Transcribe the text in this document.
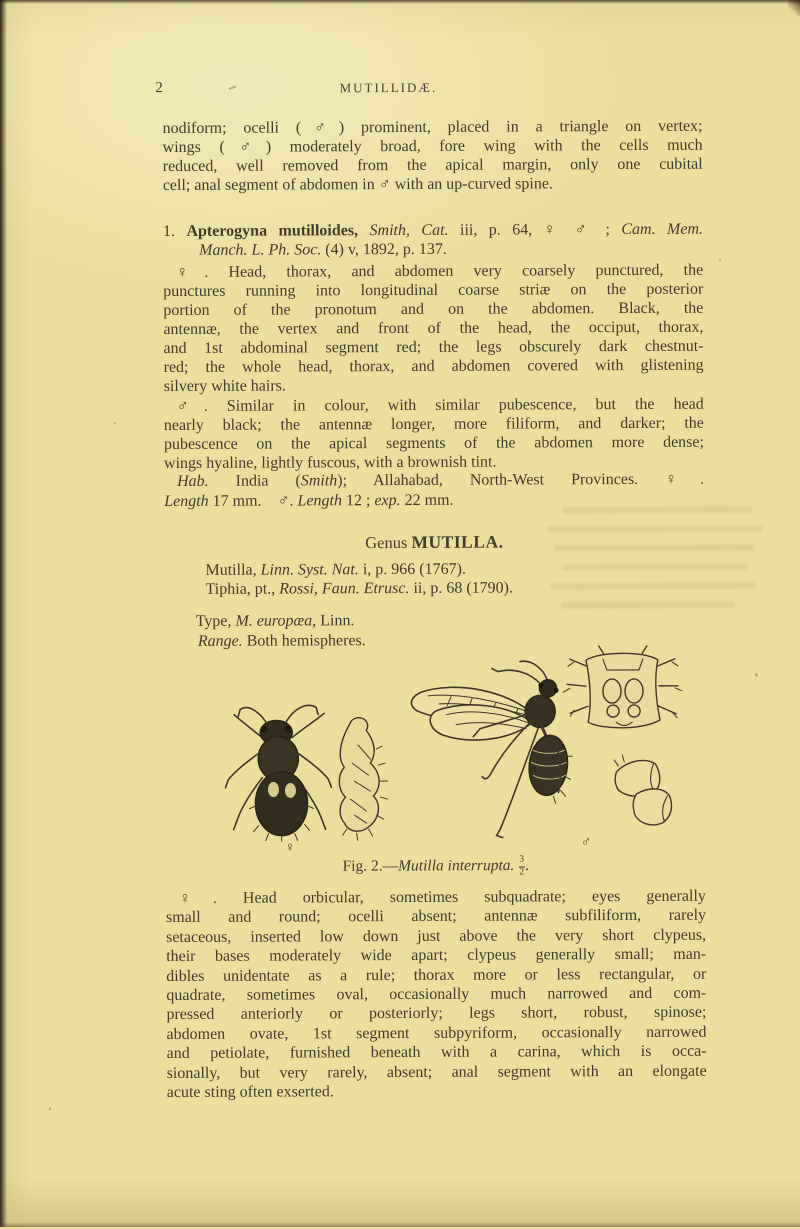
2	MUTILLIDÆ.
nodiform; ocelli (♂) prominent, placed in a triangle on vertex;
wings (♂) moderately broad, fore wing with the cells much
reduced, well removed from the apical margin, only one cubital
cell; anal segment of abdomen in ♂ with an up-curved spine.
1. Apterogyna mutilloides, Smith, Cat. iii, p. 64, ♀ ♂ ; Cam. Mem.
Manch. L. Ph. Soc. (4) v, 1892, p. 137.
♀. Head, thorax, and abdomen very coarsely punctured, the
punctures running into longitudinal coarse striæ on the posterior
portion of the pronotum and on the abdomen. Black, the
antennæ, the vertex and front of the head, the occiput, thorax,
and 1st abdominal segment red; the legs obscurely dark chestnut-
red; the whole head, thorax, and abdomen covered with glistening
silvery white hairs.
♂. Similar in colour, with similar pubescence, but the head
nearly black; the antennæ longer, more filiform, and darker; the
pubescence on the apical segments of the abdomen more dense;
wings hyaline, lightly fuscous, with a brownish tint.
Hab. India (Smith); Allahabad, North-West Provinces. ♀.
Length 17 mm. ♂. Length 12 ; exp. 22 mm.
Genus MUTILLA.
Mutilla, Linn. Syst. Nat. i, p. 966 (1767).
Tiphia, pt., Rossi, Faun. Etrusc. ii, p. 68 (1790).
Type, M. europæa, Linn.
Range. Both hemispheres.
♀	♂
Fig. 2.—Mutilla interrupta. $\frac{3}{2}$ .
♀. Head orbicular, sometimes subquadrate; eyes generally
small and round; ocelli absent; antennæ subfiliform, rarely
setaceous, inserted low down just above the very short clypeus,
their bases moderately wide apart; clypeus generally small; man-
dibles unidentate as a rule; thorax more or less rectangular, or
quadrate, sometimes oval, occasionally much narrowed and com-
pressed anteriorly or posteriorly; legs short, robust, spinose;
abdomen ovate, 1st segment subpyriform, occasionally narrowed
and petiolate, furnished beneath with a carina, which is occa-
sionally, but very rarely, absent; anal segment with an elongate
acute sting often exserted.
